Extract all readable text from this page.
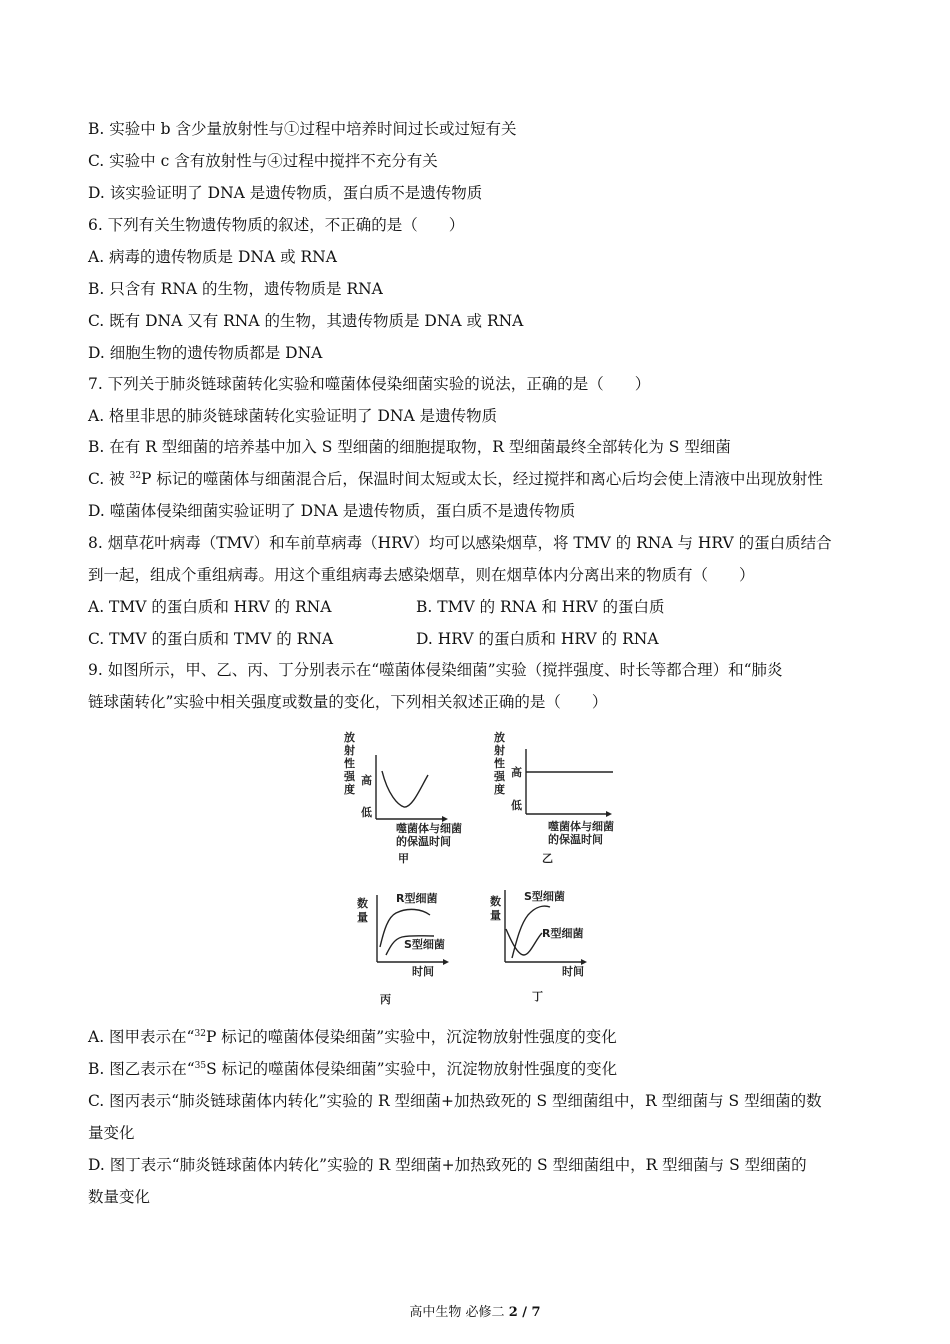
B. 实验中 b 含少量放射性与①过程中培养时间过长或过短有关
C. 实验中 c 含有放射性与④过程中搅拌不充分有关
D. 该实验证明了 DNA 是遗传物质，蛋白质不是遗传物质
6. 下列有关生物遗传物质的叙述，不正确的是（　　）
A. 病毒的遗传物质是 DNA 或 RNA
B. 只含有 RNA 的生物，遗传物质是 RNA
C. 既有 DNA 又有 RNA 的生物，其遗传物质是 DNA 或 RNA
D. 细胞生物的遗传物质都是 DNA
7. 下列关于肺炎链球菌转化实验和噬菌体侵染细菌实验的说法，正确的是（　　）
A. 格里非思的肺炎链球菌转化实验证明了 DNA 是遗传物质
B. 在有 R 型细菌的培养基中加入 S 型细菌的细胞提取物，R 型细菌最终全部转化为 S 型细菌
C. 被 $^{32}$P 标记的噬菌体与细菌混合后，保温时间太短或太长，经过搅拌和离心后均会使上清液中出现放射性
D. 噬菌体侵染细菌实验证明了 DNA 是遗传物质，蛋白质不是遗传物质
8. 烟草花叶病毒（TMV）和车前草病毒（HRV）均可以感染烟草，将 TMV 的 RNA 与 HRV 的蛋白质结合
到一起，组成个重组病毒。用这个重组病毒去感染烟草，则在烟草体内分离出来的物质有（　　）
A. TMV 的蛋白质和 HRV 的 RNA	B. TMV 的 RNA 和 HRV 的蛋白质
C. TMV 的蛋白质和 TMV 的 RNA	D. HRV 的蛋白质和 HRV 的 RNA
9. 如图所示，甲、乙、丙、丁分别表示在“噬菌体侵染细菌”实验（搅拌强度、时长等都合理）和“肺炎
链球菌转化”实验中相关强度或数量的变化，下列相关叙述正确的是（　　）
放
射
性
强
度
高
低
噬菌体与细菌
的保温时间
甲
放
射
性
强
度
高
低
噬菌体与细菌
的保温时间
乙
数
量
R型细菌
S型细菌
时间
丙
数
量
S型细菌
R型细菌
时间
丁
A. 图甲表示在“$^{32}$P 标记的噬菌体侵染细菌”实验中，沉淀物放射性强度的变化
B. 图乙表示在“$^{35}$S 标记的噬菌体侵染细菌”实验中，沉淀物放射性强度的变化
C. 图丙表示“肺炎链球菌体内转化”实验的 R 型细菌+加热致死的 S 型细菌组中，R 型细菌与 S 型细菌的数
量变化
D. 图丁表示“肺炎链球菌体内转化”实验的 R 型细菌+加热致死的 S 型细菌组中，R 型细菌与 S 型细菌的
数量变化
高中生物 必修二 2 / 7
